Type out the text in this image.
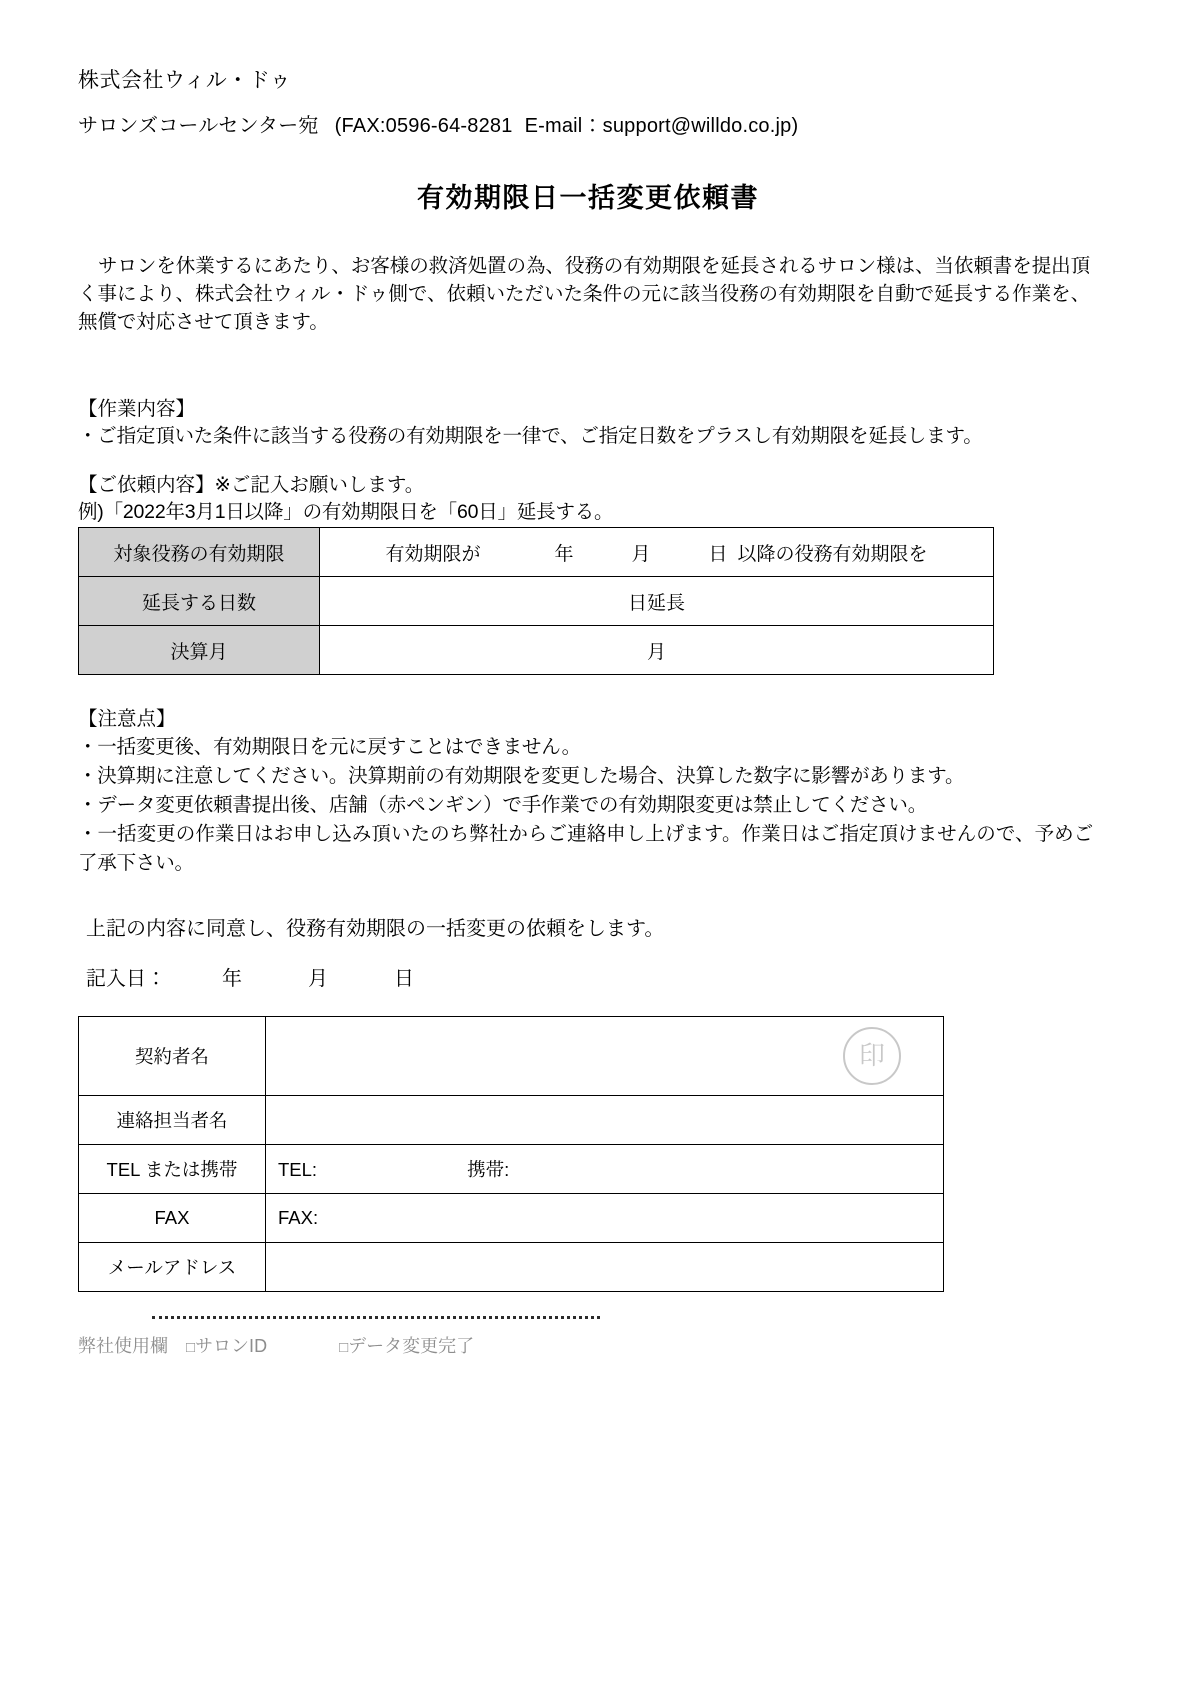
株式会社ウィル・ドゥ
サロンズコールセンター宛 (FAX:0596-64-8281 E-mail：support@willdo.co.jp)
有効期限日一括変更依頼書
サロンを休業するにあたり、お客様の救済処置の為、役務の有効期限を延長されるサロン様は、当依頼書を提出頂く事により、株式会社ウィル・ドゥ側で、依頼いただいた条件の元に該当役務の有効期限を自動で延長する作業を、無償で対応させて頂きます。
【作業内容】
・ご指定頂いた条件に該当する役務の有効期限を一律で、ご指定日数をプラスし有効期限を延長します。
【ご依頼内容】※ご記入お願いします。
例)「2022年3月1日以降」の有効期限日を「60日」延長する。
対象役務の有効期限	有効期限が 年 月 日 以降の役務有効期限を
延長する日数	日延長
決算月	月
【注意点】
・一括変更後、有効期限日を元に戻すことはできません。
・決算期に注意してください。決算期前の有効期限を変更した場合、決算した数字に影響があります。
・データ変更依頼書提出後、店舗（赤ペンギン）で手作業での有効期限変更は禁止してください。
・一括変更の作業日はお申し込み頂いたのち弊社からご連絡申し上げます。作業日はご指定頂けませんので、予めご了承下さい。
上記の内容に同意し、役務有効期限の一括変更の依頼をします。
記入日：	年	月	日
契約者名	印

連絡担当者名	
TEL または携帯	TEL: 携帯:
FAX	FAX:
メールアドレス	
弊社使用欄 □サロンID	□データ変更完了
